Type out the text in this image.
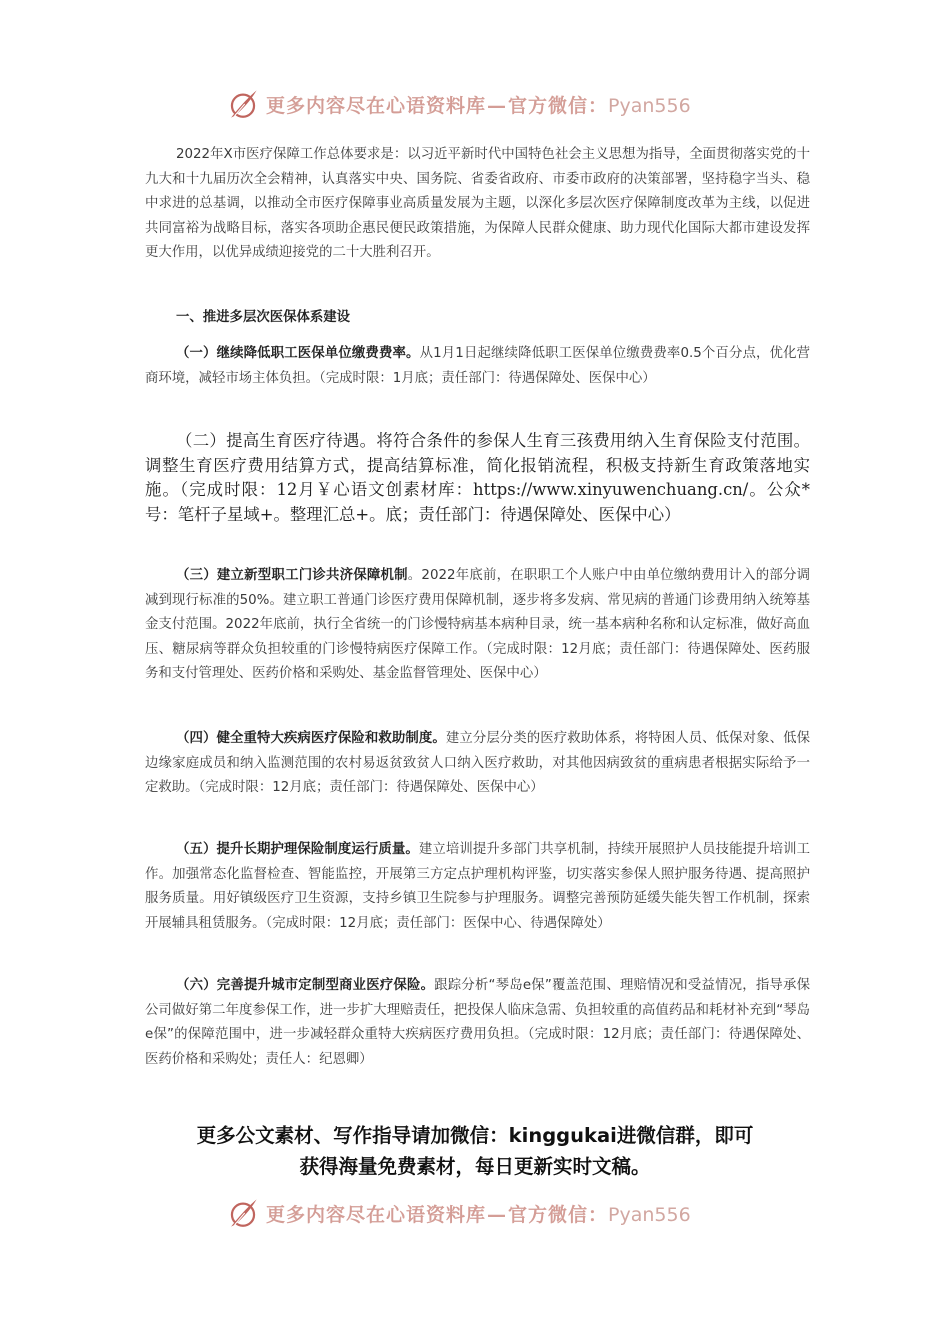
更多内容尽在心语资料库—官方微信：Pyan556

2022年X市医疗保障工作总体要求是：以习近平新时代中国特色社会主义思想为指导，全面贯彻落实党的十九大和十九届历次全会精神，认真落实中央、国务院、省委省政府、市委市政府的决策部署，坚持稳字当头、稳中求进的总基调，以推动全市医疗保障事业高质量发展为主题，以深化多层次医疗保障制度改革为主线，以促进共同富裕为战略目标，落实各项助企惠民便民政策措施，为保障人民群众健康、助力现代化国际大都市建设发挥更大作用，以优异成绩迎接党的二十大胜利召开。

一、推进多层次医保体系建设

（一）继续降低职工医保单位缴费费率。从1月1日起继续降低职工医保单位缴费费率0.5个百分点，优化营商环境，减轻市场主体负担。（完成时限：1月底；责任部门：待遇保障处、医保中心）

（二）提高生育医疗待遇。将符合条件的参保人生育三孩费用纳入生育保险支付范围。调整生育医疗费用结算方式，提高结算标准，简化报销流程，积极支持新生育政策落地实施。（完成时限：12月￥心语文创素材库：https://www.xinyuwenchuang.cn/。公众*号：笔杆子星域+。整理汇总+。底；责任部门：待遇保障处、医保中心）

（三）建立新型职工门诊共济保障机制。2022年底前，在职职工个人账户中由单位缴纳费用计入的部分调减到现行标准的50%。建立职工普通门诊医疗费用保障机制，逐步将多发病、常见病的普通门诊费用纳入统筹基金支付范围。2022年底前，执行全省统一的门诊慢特病基本病种目录，统一基本病种名称和认定标准，做好高血压、糖尿病等群众负担较重的门诊慢特病医疗保障工作。（完成时限：12月底；责任部门：待遇保障处、医药服务和支付管理处、医药价格和采购处、基金监督管理处、医保中心）

（四）健全重特大疾病医疗保险和救助制度。建立分层分类的医疗救助体系，将特困人员、低保对象、低保边缘家庭成员和纳入监测范围的农村易返贫致贫人口纳入医疗救助，对其他因病致贫的重病患者根据实际给予一定救助。（完成时限：12月底；责任部门：待遇保障处、医保中心）

（五）提升长期护理保险制度运行质量。建立培训提升多部门共享机制，持续开展照护人员技能提升培训工作。加强常态化监督检查、智能监控，开展第三方定点护理机构评鉴，切实落实参保人照护服务待遇、提高照护服务质量。用好镇级医疗卫生资源，支持乡镇卫生院参与护理服务。调整完善预防延缓失能失智工作机制，探索开展辅具租赁服务。（完成时限：12月底；责任部门：医保中心、待遇保障处）

（六）完善提升城市定制型商业医疗保险。跟踪分析“琴岛e保”覆盖范围、理赔情况和受益情况，指导承保公司做好第二年度参保工作，进一步扩大理赔责任，把投保人临床急需、负担较重的高值药品和耗材补充到“琴岛e保”的保障范围中，进一步减轻群众重特大疾病医疗费用负担。（完成时限：12月底；责任部门：待遇保障处、医药价格和采购处；责任人：纪恩卿）

更多公文素材、写作指导请加微信：kinggukai进微信群，即可
获得海量免费素材，每日更新实时文稿。
更多内容尽在心语资料库—官方微信：Pyan556
